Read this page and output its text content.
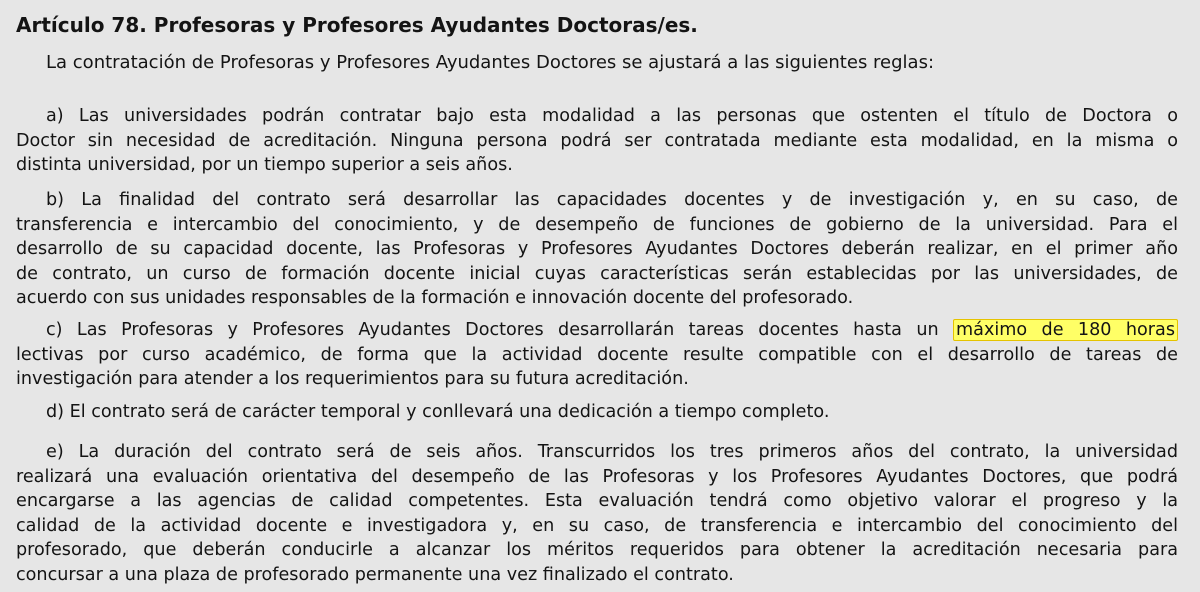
Artículo 78. Profesoras y Profesores Ayudantes Doctoras/es.
La contratación de Profesoras y Profesores Ayudantes Doctores se ajustará a las siguientes reglas:
a) Las universidades podrán contratar bajo esta modalidad a las personas que ostenten el título de Doctora o
Doctor sin necesidad de acreditación. Ninguna persona podrá ser contratada mediante esta modalidad, en la misma o
distinta universidad, por un tiempo superior a seis años.
b) La finalidad del contrato será desarrollar las capacidades docentes y de investigación y, en su caso, de
transferencia e intercambio del conocimiento, y de desempeño de funciones de gobierno de la universidad. Para el
desarrollo de su capacidad docente, las Profesoras y Profesores Ayudantes Doctores deberán realizar, en el primer año
de contrato, un curso de formación docente inicial cuyas características serán establecidas por las universidades, de
acuerdo con sus unidades responsables de la formación e innovación docente del profesorado.
c) Las Profesoras y Profesores Ayudantes Doctores desarrollarán tareas docentes hasta un máximo de 180 horas
lectivas por curso académico, de forma que la actividad docente resulte compatible con el desarrollo de tareas de
investigación para atender a los requerimientos para su futura acreditación.
d) El contrato será de carácter temporal y conllevará una dedicación a tiempo completo.
e) La duración del contrato será de seis años. Transcurridos los tres primeros años del contrato, la universidad
realizará una evaluación orientativa del desempeño de las Profesoras y los Profesores Ayudantes Doctores, que podrá
encargarse a las agencias de calidad competentes. Esta evaluación tendrá como objetivo valorar el progreso y la
calidad de la actividad docente e investigadora y, en su caso, de transferencia e intercambio del conocimiento del
profesorado, que deberán conducirle a alcanzar los méritos requeridos para obtener la acreditación necesaria para
concursar a una plaza de profesorado permanente una vez finalizado el contrato.
